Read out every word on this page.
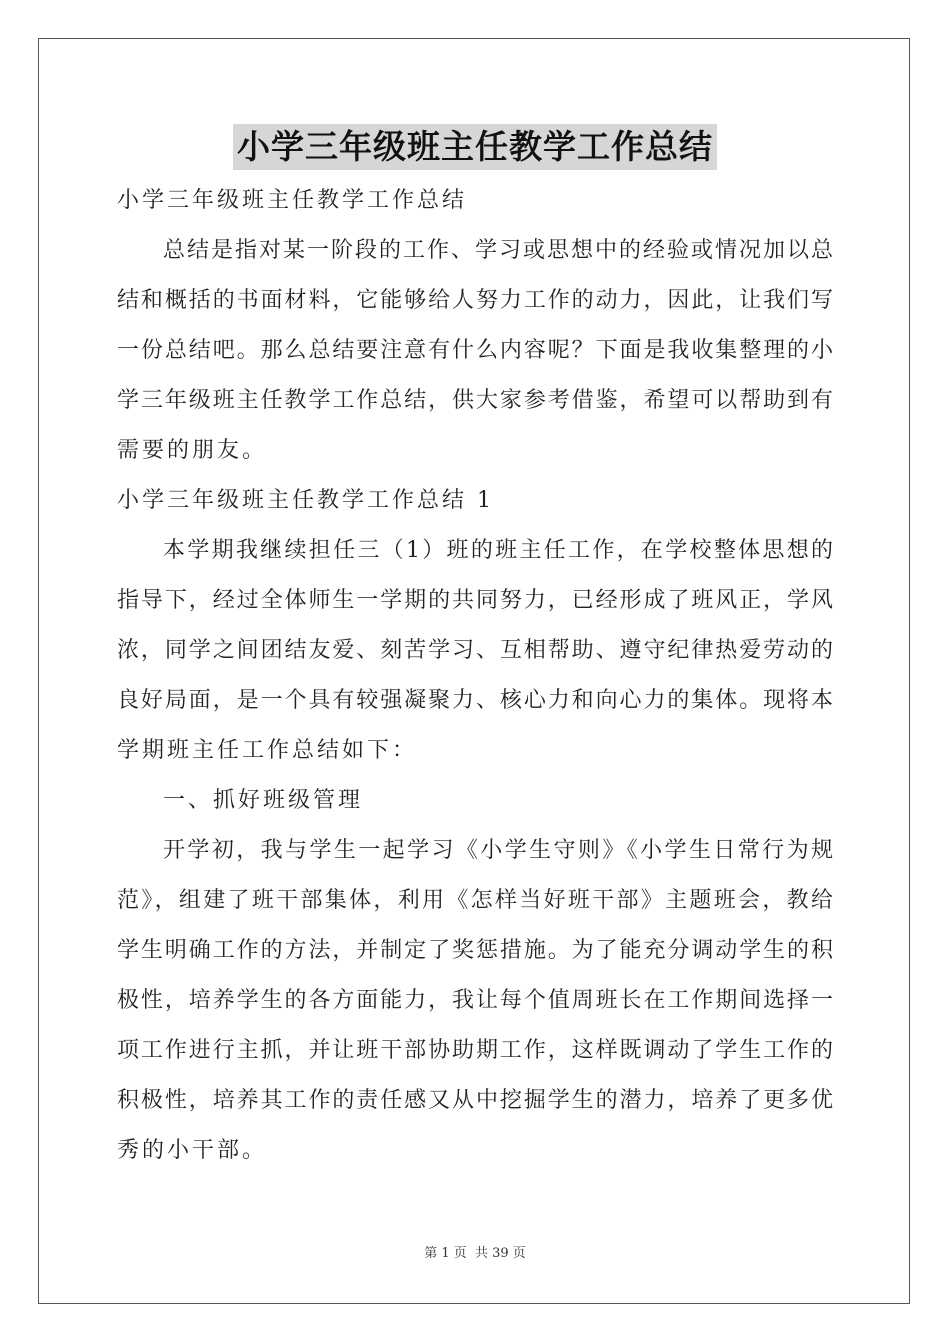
小学三年级班主任教学工作总结
小学三年级班主任教学工作总结
总结是指对某一阶段的工作、学习或思想中的经验或情况加以总
结和概括的书面材料，它能够给人努力工作的动力，因此，让我们写
一份总结吧。那么总结要注意有什么内容呢？下面是我收集整理的小
学三年级班主任教学工作总结，供大家参考借鉴，希望可以帮助到有
需要的朋友。
小学三年级班主任教学工作总结 1
本学期我继续担任三（1）班的班主任工作，在学校整体思想的
指导下，经过全体师生一学期的共同努力，已经形成了班风正，学风
浓，同学之间团结友爱、刻苦学习、互相帮助、遵守纪律热爱劳动的
良好局面，是一个具有较强凝聚力、核心力和向心力的集体。现将本
学期班主任工作总结如下：
一、抓好班级管理
开学初，我与学生一起学习《小学生守则》《小学生日常行为规
范》，组建了班干部集体，利用《怎样当好班干部》主题班会，教给
学生明确工作的方法，并制定了奖惩措施。为了能充分调动学生的积
极性，培养学生的各方面能力，我让每个值周班长在工作期间选择一
项工作进行主抓，并让班干部协助期工作，这样既调动了学生工作的
积极性，培养其工作的责任感又从中挖掘学生的潜力，培养了更多优
秀的小干部。
第 1 页 共 39 页
